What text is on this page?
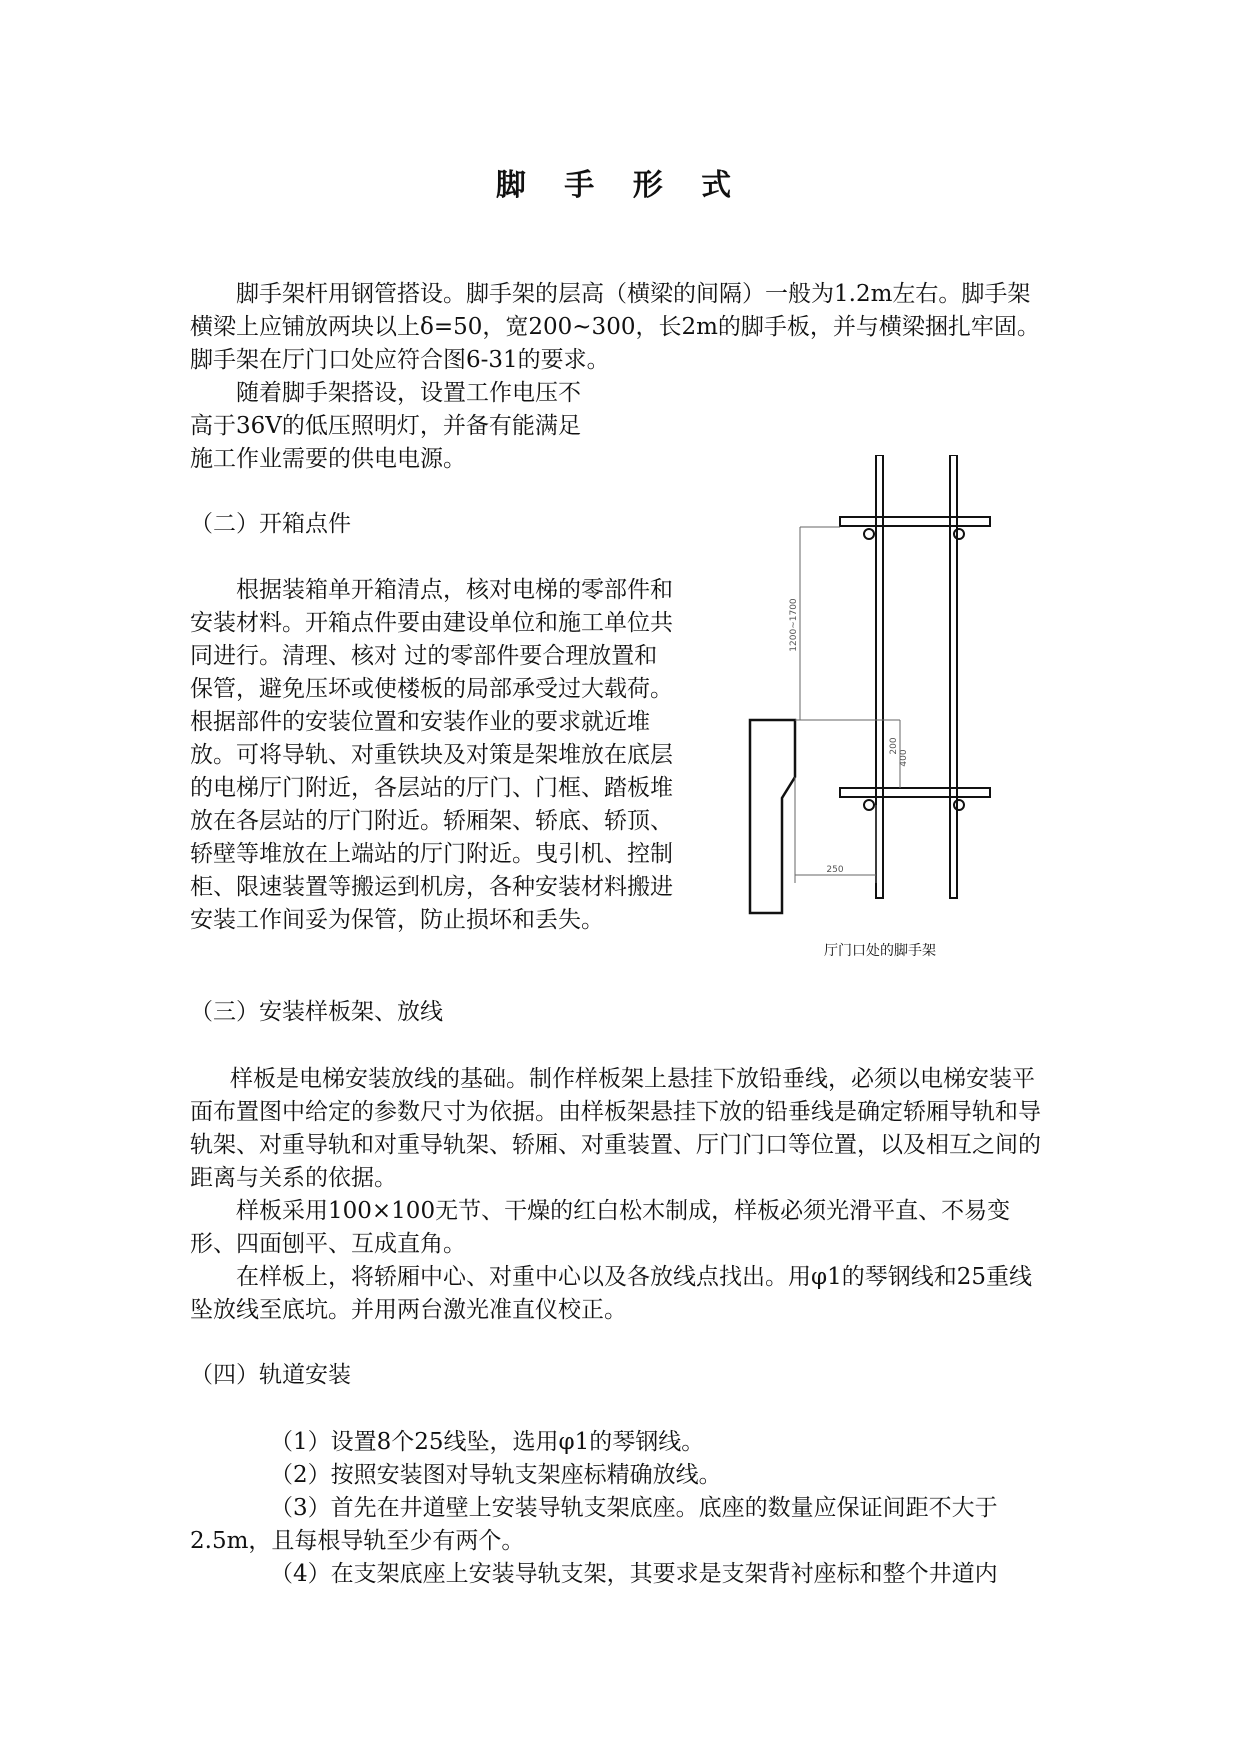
脚 手 形 式

脚手架杆用钢管搭设。脚手架的层高（横梁的间隔）一般为1.2m左右。脚手架横梁上应铺放两块以上δ=50，宽200~300，长2m的脚手板，并与横梁捆扎牢固。脚手架在厅门口处应符合图6-31的要求。

随着脚手架搭设，设置工作电压不

高于36V的低压照明灯，并备有能满足

施工作业需要的供电电源。

（二）开箱点件

根据装箱单开箱清点，核对电梯的零部件和安装材料。开箱点件要由建设单位和施工单位共同进行。清理、核对 过的零部件要合理放置和保管，避免压坏或使楼板的局部承受过大载荷。根据部件的安装位置和安装作业的要求就近堆放。可将导轨、对重铁块及对策是架堆放在底层的电梯厅门附近，各层站的厅门、门框、踏板堆放在各层站的厅门附近。轿厢架、轿底、轿顶、轿壁等堆放在上端站的厅门附近。曳引机、控制柜、限速装置等搬运到机房，各种安装材料搬进安装工作间妥为保管，防止损坏和丢失。

1200~1700
200
400
250

厅门口处的脚手架

（三）安装样板架、放线

样板是电梯安装放线的基础。制作样板架上悬挂下放铅垂线，必须以电梯安装平面布置图中给定的参数尺寸为依据。由样板架悬挂下放的铅垂线是确定轿厢导轨和导轨架、对重导轨和对重导轨架、轿厢、对重装置、厅门门口等位置，以及相互之间的距离与关系的依据。

样板采用100×100无节、干燥的红白松木制成，样板必须光滑平直、不易变形、四面刨平、互成直角。

在样板上，将轿厢中心、对重中心以及各放线点找出。用φ1的琴钢线和25重线坠放线至底坑。并用两台激光准直仪校正。

（四）轨道安装

（1）设置8个25线坠，选用φ1的琴钢线。

（2）按照安装图对导轨支架座标精确放线。

（3）首先在井道壁上安装导轨支架底座。底座的数量应保证间距不大于2.5m，且每根导轨至少有两个。

（4）在支架底座上安装导轨支架，其要求是支架背衬座标和整个井道内
